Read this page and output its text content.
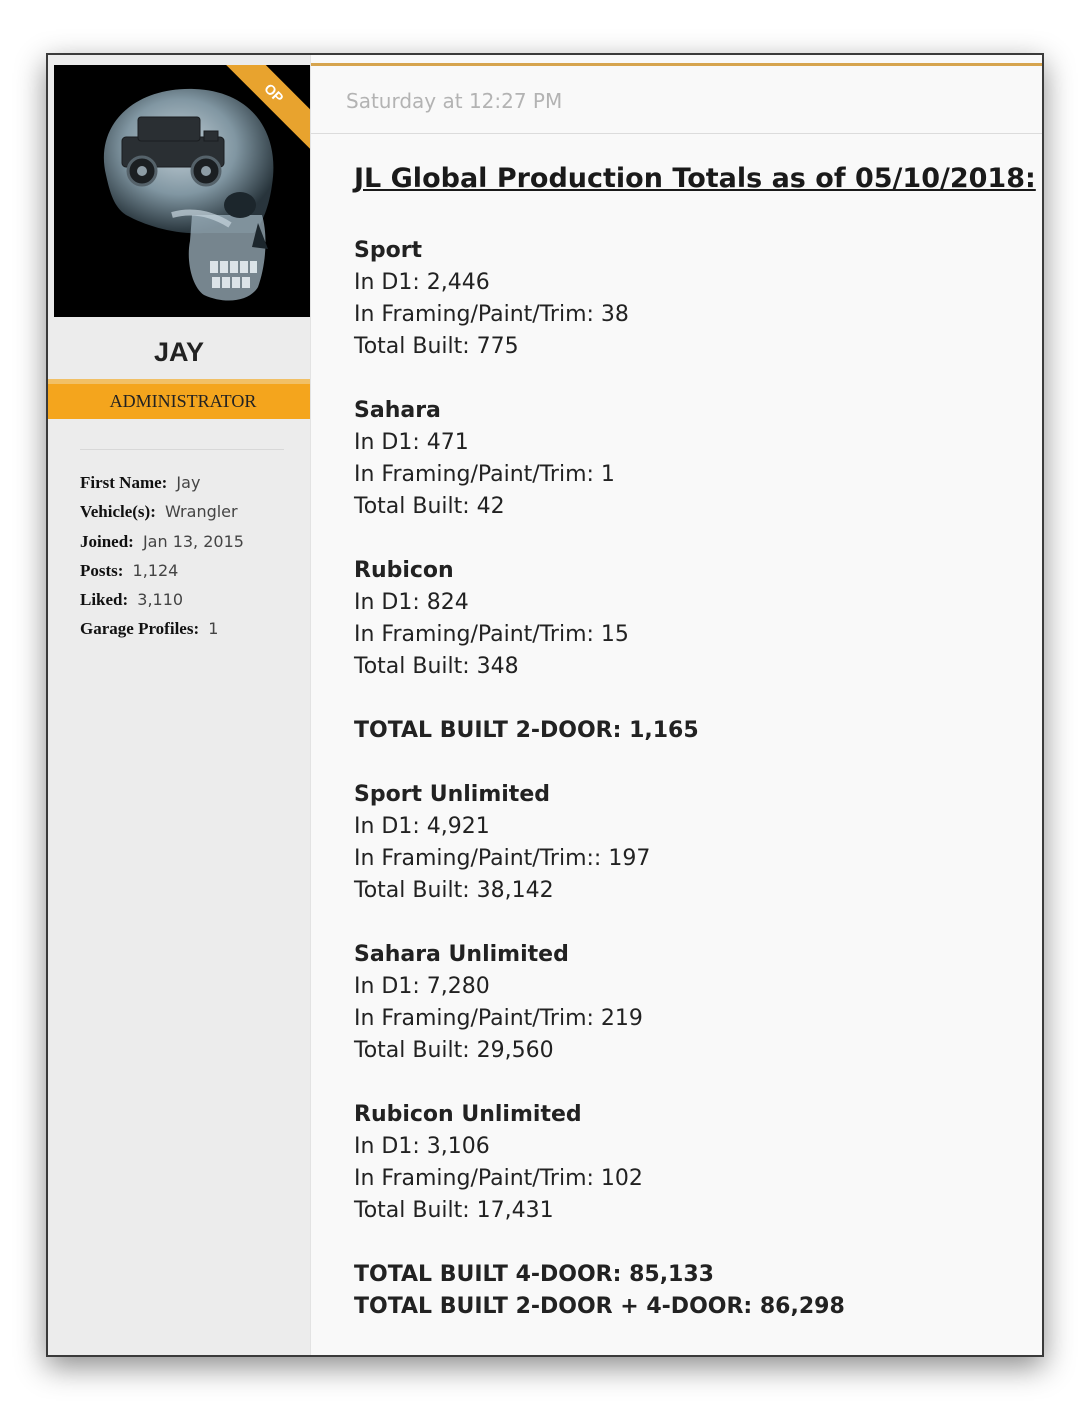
OP
JAY
ADMINISTRATOR
First Name: Jay
Vehicle(s): Wrangler
Joined: Jan 13, 2015
Posts: 1,124
Liked: 3,110
Garage Profiles: 1
Saturday at 12:27 PM
JL Global Production Totals as of 05/10/2018:
Sport
In D1: 2,446
In Framing/Paint/Trim: 38
Total Built: 775
Sahara
In D1: 471
In Framing/Paint/Trim: 1
Total Built: 42
Rubicon
In D1: 824
In Framing/Paint/Trim: 15
Total Built: 348
TOTAL BUILT 2-DOOR: 1,165
Sport Unlimited
In D1: 4,921
In Framing/Paint/Trim:: 197
Total Built: 38,142
Sahara Unlimited
In D1: 7,280
In Framing/Paint/Trim: 219
Total Built: 29,560
Rubicon Unlimited
In D1: 3,106
In Framing/Paint/Trim: 102
Total Built: 17,431
TOTAL BUILT 4-DOOR: 85,133
TOTAL BUILT 2-DOOR + 4-DOOR: 86,298
